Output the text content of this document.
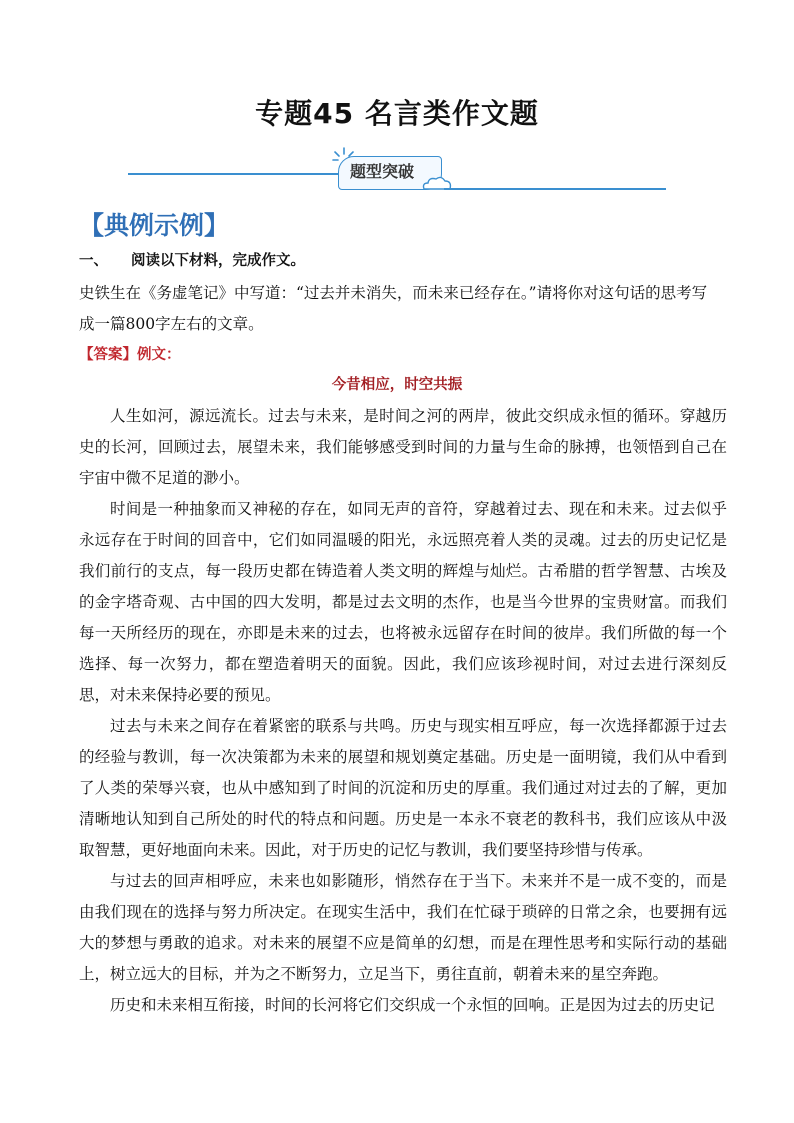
专题45 名言类作文题
题型突破
【典例示例】
一、 阅读以下材料，完成作文。
史铁生在《务虚笔记》中写道：“过去并未消失，而未来已经存在。”请将你对这句话的思考写成一篇800字左右的文章。
【答案】例文：
今昔相应，时空共振

人生如河，源远流长。过去与未来，是时间之河的两岸，彼此交织成永恒的循环。穿越历史的长河，回顾过去，展望未来，我们能够感受到时间的力量与生命的脉搏，也领悟到自己在宇宙中微不足道的渺小。

时间是一种抽象而又神秘的存在，如同无声的音符，穿越着过去、现在和未来。过去似乎永远存在于时间的回音中，它们如同温暖的阳光，永远照亮着人类的灵魂。过去的历史记忆是我们前行的支点，每一段历史都在铸造着人类文明的辉煌与灿烂。古希腊的哲学智慧、古埃及的金字塔奇观、古中国的四大发明，都是过去文明的杰作，也是当今世界的宝贵财富。而我们每一天所经历的现在，亦即是未来的过去，也将被永远留存在时间的彼岸。我们所做的每一个选择、每一次努力，都在塑造着明天的面貌。因此，我们应该珍视时间，对过去进行深刻反思，对未来保持必要的预见。

过去与未来之间存在着紧密的联系与共鸣。历史与现实相互呼应，每一次选择都源于过去的经验与教训，每一次决策都为未来的展望和规划奠定基础。历史是一面明镜，我们从中看到了人类的荣辱兴衰，也从中感知到了时间的沉淀和历史的厚重。我们通过对过去的了解，更加清晰地认知到自己所处的时代的特点和问题。历史是一本永不衰老的教科书，我们应该从中汲取智慧，更好地面向未来。因此，对于历史的记忆与教训，我们要坚持珍惜与传承。

与过去的回声相呼应，未来也如影随形，悄然存在于当下。未来并不是一成不变的，而是由我们现在的选择与努力所决定。在现实生活中，我们在忙碌于琐碎的日常之余，也要拥有远大的梦想与勇敢的追求。对未来的展望不应是简单的幻想，而是在理性思考和实际行动的基础上，树立远大的目标，并为之不断努力，立足当下，勇往直前，朝着未来的星空奔跑。

历史和未来相互衔接，时间的长河将它们交织成一个永恒的回响。正是因为过去的历史记
